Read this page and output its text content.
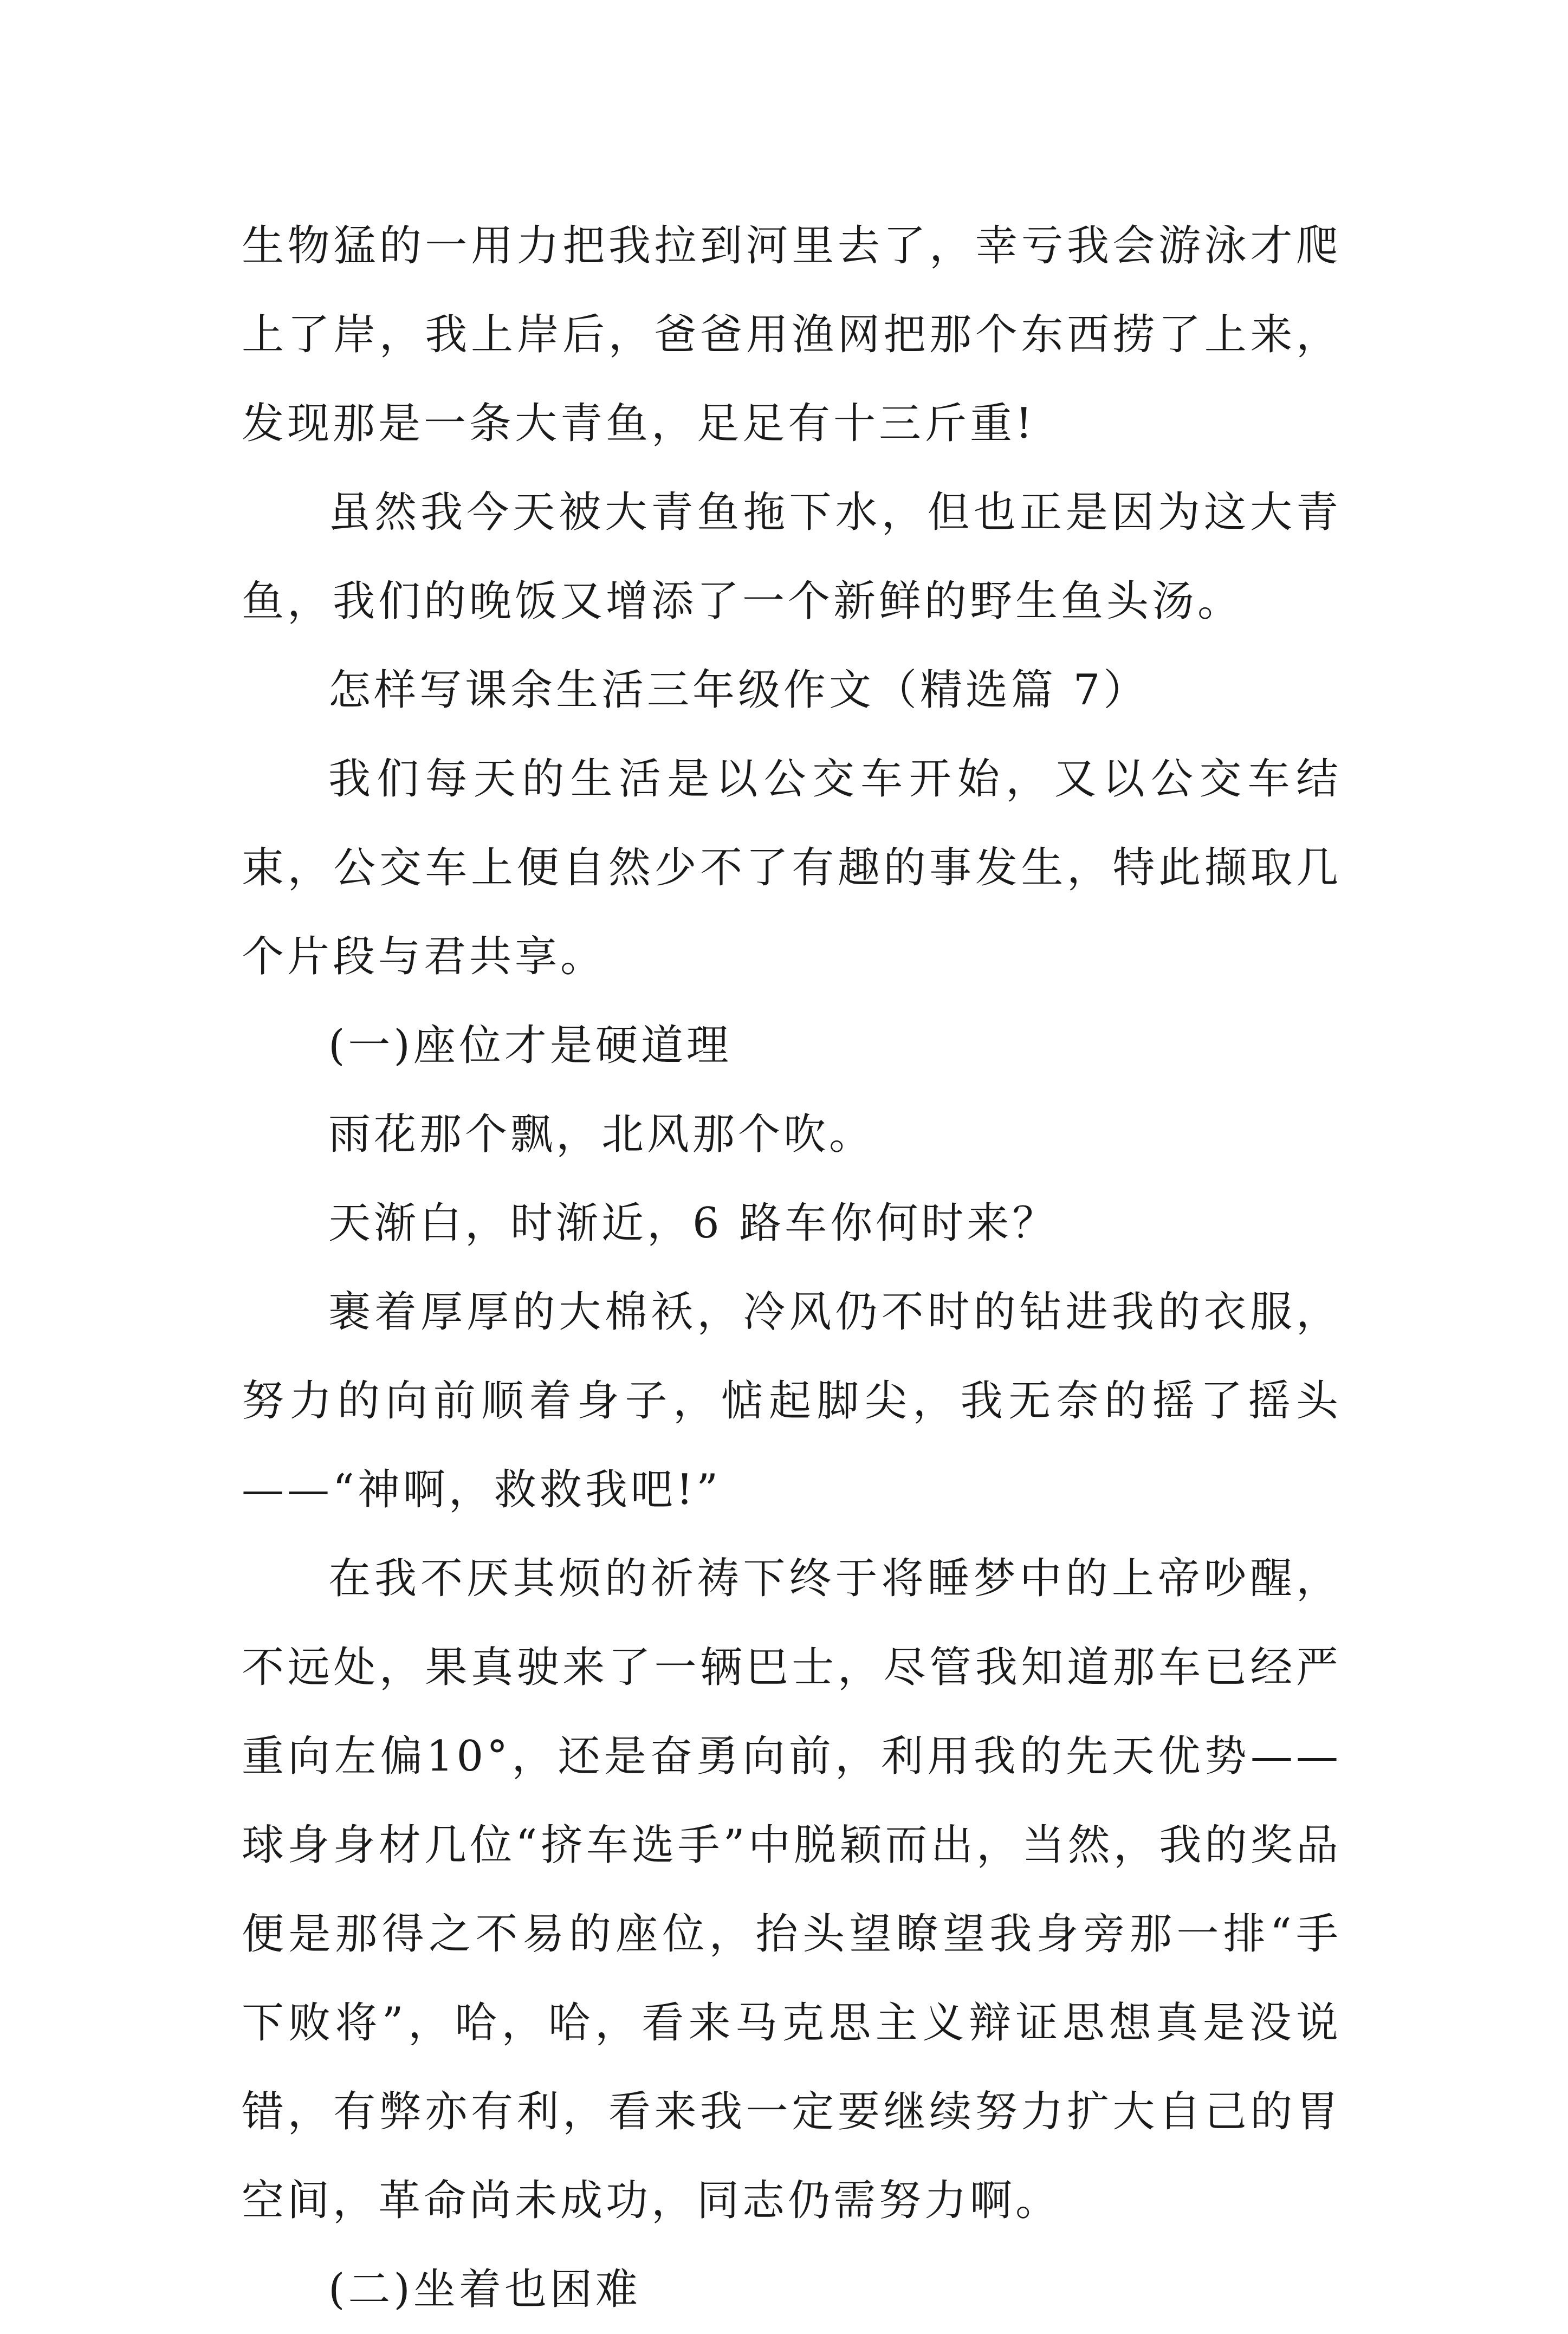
生物猛的一用力把我拉到河里去了，幸亏我会游泳才爬上了岸，我上岸后，爸爸用渔网把那个东西捞了上来，发现那是一条大青鱼，足足有十三斤重!

虽然我今天被大青鱼拖下水，但也正是因为这大青鱼，我们的晚饭又增添了一个新鲜的野生鱼头汤。

怎样写课余生活三年级作文（精选篇 7）

我们每天的生活是以公交车开始，又以公交车结束，公交车上便自然少不了有趣的事发生，特此撷取几个片段与君共享。

(一)座位才是硬道理

雨花那个飘，北风那个吹。

天渐白，时渐近，6 路车你何时来？

裹着厚厚的大棉袄，冷风仍不时的钻进我的衣服，努力的向前顺着身子，惦起脚尖，我无奈的摇了摇头——“神啊，救救我吧!”

在我不厌其烦的祈祷下终于将睡梦中的上帝吵醒，不远处，果真驶来了一辆巴士，尽管我知道那车已经严重向左偏10°，还是奋勇向前，利用我的先天优势——球身身材几位“挤车选手”中脱颖而出，当然，我的奖品便是那得之不易的座位，抬头望瞭望我身旁那一排“手下败将”，哈，哈，看来马克思主义辩证思想真是没说错，有弊亦有利，看来我一定要继续努力扩大自己的胃空间，革命尚未成功，同志仍需努力啊。

(二)坐着也困难
